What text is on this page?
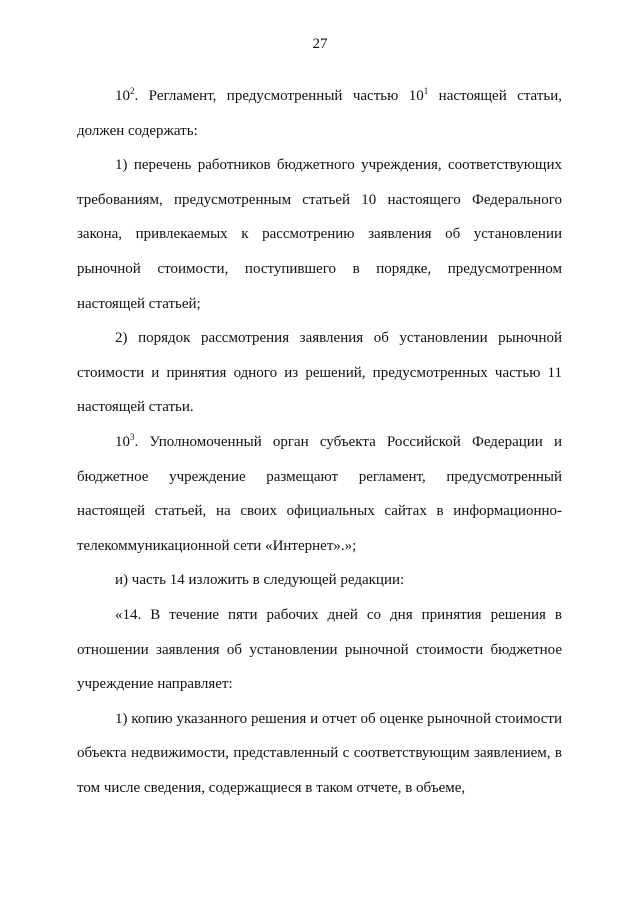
27

$10^2$. Регламент, предусмотренный частью $10^1$ настоящей статьи, должен содержать:

1) перечень работников бюджетного учреждения, соответствующих требованиям, предусмотренным статьей 10 настоящего Федерального закона, привлекаемых к рассмотрению заявления об установлении рыночной стоимости, поступившего в порядке, предусмотренном настоящей статьей;

2) порядок рассмотрения заявления об установлении рыночной стоимости и принятия одного из решений, предусмотренных частью 11 настоящей статьи.

$10^3$. Уполномоченный орган субъекта Российской Федерации и бюджетное учреждение размещают регламент, предусмотренный настоящей статьей, на своих официальных сайтах в информационно-телекоммуникационной сети «Интернет».»;

и) часть 14 изложить в следующей редакции:

«14. В течение пяти рабочих дней со дня принятия решения в отношении заявления об установлении рыночной стоимости бюджетное учреждение направляет:

1) копию указанного решения и отчет об оценке рыночной стоимости объекта недвижимости, представленный с соответствующим заявлением, в том числе сведения, содержащиеся в таком отчете, в объеме,
